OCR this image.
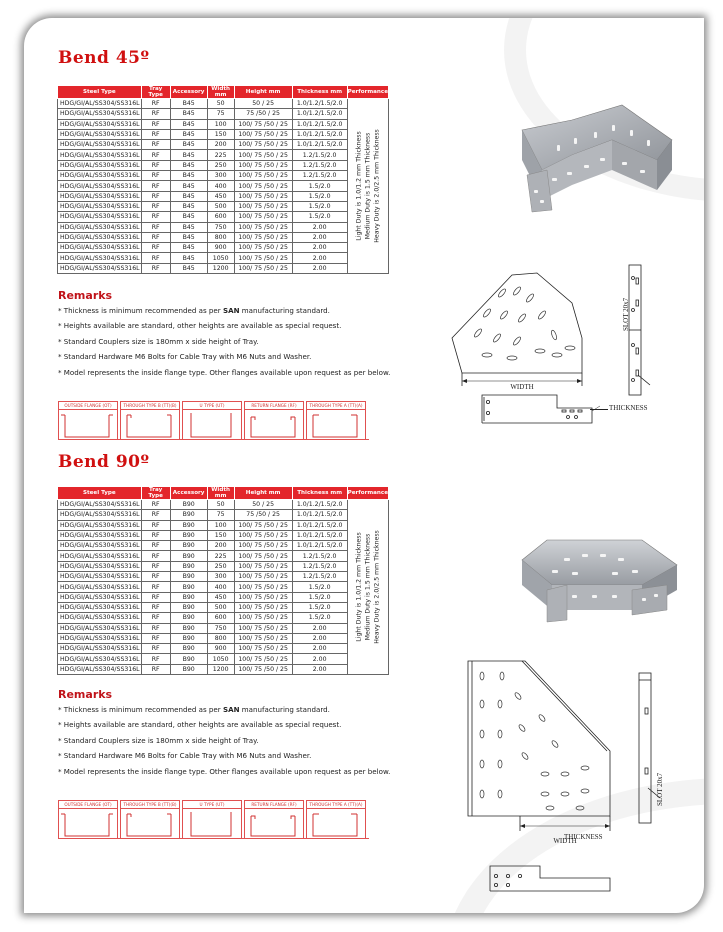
Bend 45º
Steel Type	Tray Type	Accessory	Width mm	Height mm	Thickness mm	Performance
HDG/GI/AL/SS304/SS316L	RF	B45	50	50 / 25	1.0/1.2/1.5/2.0	Light Duty is 1.0/1.2 mm Thickness Medium Duty is 1.5 mm Thickness Heavy Duty is 2.0/2.5 mm Thickness

HDG/GI/AL/SS304/SS316L	RF	B45	75	75 /50 / 25	1.0/1.2/1.5/2.0	
HDG/GI/AL/SS304/SS316L	RF	B45	100	100/ 75 /50 / 25	1.0/1.2/1.5/2.0	
HDG/GI/AL/SS304/SS316L	RF	B45	150	100/ 75 /50 / 25	1.0/1.2/1.5/2.0	
HDG/GI/AL/SS304/SS316L	RF	B45	200	100/ 75 /50 / 25	1.0/1.2/1.5/2.0	
HDG/GI/AL/SS304/SS316L	RF	B45	225	100/ 75 /50 / 25	1.2/1.5/2.0	
HDG/GI/AL/SS304/SS316L	RF	B45	250	100/ 75 /50 / 25	1.2/1.5/2.0	
HDG/GI/AL/SS304/SS316L	RF	B45	300	100/ 75 /50 / 25	1.2/1.5/2.0	
HDG/GI/AL/SS304/SS316L	RF	B45	400	100/ 75 /50 / 25	1.5/2.0	
HDG/GI/AL/SS304/SS316L	RF	B45	450	100/ 75 /50 / 25	1.5/2.0	
HDG/GI/AL/SS304/SS316L	RF	B45	500	100/ 75 /50 / 25	1.5/2.0	
HDG/GI/AL/SS304/SS316L	RF	B45	600	100/ 75 /50 / 25	1.5/2.0	
HDG/GI/AL/SS304/SS316L	RF	B45	750	100/ 75 /50 / 25	2.00	
HDG/GI/AL/SS304/SS316L	RF	B45	800	100/ 75 /50 / 25	2.00	
HDG/GI/AL/SS304/SS316L	RF	B45	900	100/ 75 /50 / 25	2.00	
HDG/GI/AL/SS304/SS316L	RF	B45	1050	100/ 75 /50 / 25	2.00	
HDG/GI/AL/SS304/SS316L	RF	B45	1200	100/ 75 /50 / 25	2.00	
Remarks
* Thickness is minimum recommended as per SAN manufacturing standard.
* Heights available are standard, other heights are available as special request.
* Standard Couplers size is 180mm x side height of Tray.
* Standard Hardware M6 Bolts for Cable Tray with M6 Nuts and Washer.
* Model represents the inside flange type. Other flanges available upon request as per below.
OUTSIDE FLANGE (OT)	THROUGH TYPE B (TT)(B)	U TYPE (UT)	RETURN FLANGE (RF)	THROUGH TYPE A (TT)(A)
Bend 90º
Steel Type	Tray Type	Accessory	Width mm	Height mm	Thickness mm	Performance
HDG/GI/AL/SS304/SS316L	RF	B90	50	50 / 25	1.0/1.2/1.5/2.0	Light Duty is 1.0/1.2 mm Thickness Medium Duty is 1.5 mm Thickness Heavy Duty is 2.0/2.5 mm Thickness

HDG/GI/AL/SS304/SS316L	RF	B90	75	75 /50 / 25	1.0/1.2/1.5/2.0	
HDG/GI/AL/SS304/SS316L	RF	B90	100	100/ 75 /50 / 25	1.0/1.2/1.5/2.0	
HDG/GI/AL/SS304/SS316L	RF	B90	150	100/ 75 /50 / 25	1.0/1.2/1.5/2.0	
HDG/GI/AL/SS304/SS316L	RF	B90	200	100/ 75 /50 / 25	1.0/1.2/1.5/2.0	
HDG/GI/AL/SS304/SS316L	RF	B90	225	100/ 75 /50 / 25	1.2/1.5/2.0	
HDG/GI/AL/SS304/SS316L	RF	B90	250	100/ 75 /50 / 25	1.2/1.5/2.0	
HDG/GI/AL/SS304/SS316L	RF	B90	300	100/ 75 /50 / 25	1.2/1.5/2.0	
HDG/GI/AL/SS304/SS316L	RF	B90	400	100/ 75 /50 / 25	1.5/2.0	
HDG/GI/AL/SS304/SS316L	RF	B90	450	100/ 75 /50 / 25	1.5/2.0	
HDG/GI/AL/SS304/SS316L	RF	B90	500	100/ 75 /50 / 25	1.5/2.0	
HDG/GI/AL/SS304/SS316L	RF	B90	600	100/ 75 /50 / 25	1.5/2.0	
HDG/GI/AL/SS304/SS316L	RF	B90	750	100/ 75 /50 / 25	2.00	
HDG/GI/AL/SS304/SS316L	RF	B90	800	100/ 75 /50 / 25	2.00	
HDG/GI/AL/SS304/SS316L	RF	B90	900	100/ 75 /50 / 25	2.00	
HDG/GI/AL/SS304/SS316L	RF	B90	1050	100/ 75 /50 / 25	2.00	
HDG/GI/AL/SS304/SS316L	RF	B90	1200	100/ 75 /50 / 25	2.00	
Remarks
* Thickness is minimum recommended as per SAN manufacturing standard.
* Heights available are standard, other heights are available as special request.
* Standard Couplers size is 180mm x side height of Tray.
* Standard Hardware M6 Bolts for Cable Tray with M6 Nuts and Washer.
* Model represents the inside flange type. Other flanges available upon request as per below.
OUTSIDE FLANGE (OT)	THROUGH TYPE B (TT)(B)	U TYPE (UT)	RETURN FLANGE (RF)	THROUGH TYPE A (TT)(A)
WIDTH
THICKNESS
SLOT 20x7
WIDTH
THICKNESS
SLOT 20x7
